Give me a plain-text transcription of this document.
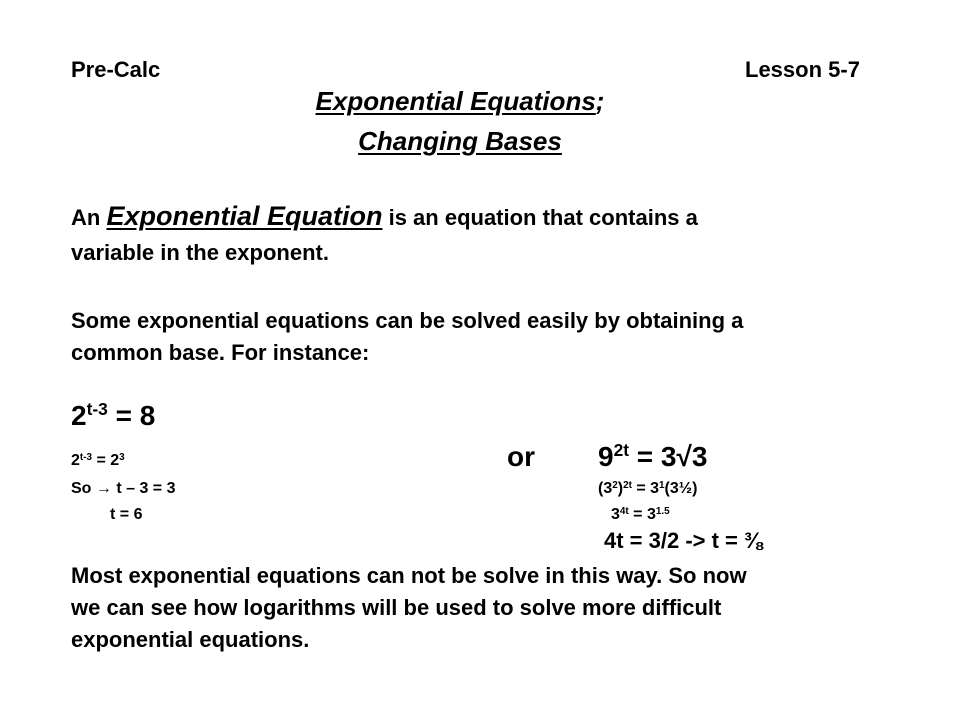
Pre-Calc	Lesson 5-7
Exponential Equations;
Changing Bases
An Exponential Equation is an equation that contains a
variable in the exponent.
Some exponential equations can be solved easily by obtaining a
common base. For instance:
$2^{t-3} = 8$
$2^{t-3} = 2^3$	or $9^{2t} = 3√3$
So → t – 3 = 3	$(3^2)^{2t}$ = $3^1(3\frac{1}{2})$
t = 6	$3^{4t} = 3^{1.5}$
4t = 3/2 -> t = ⅜
Most exponential equations can not be solve in this way. So now
we can see how logarithms will be used to solve more difficult
exponential equations.
